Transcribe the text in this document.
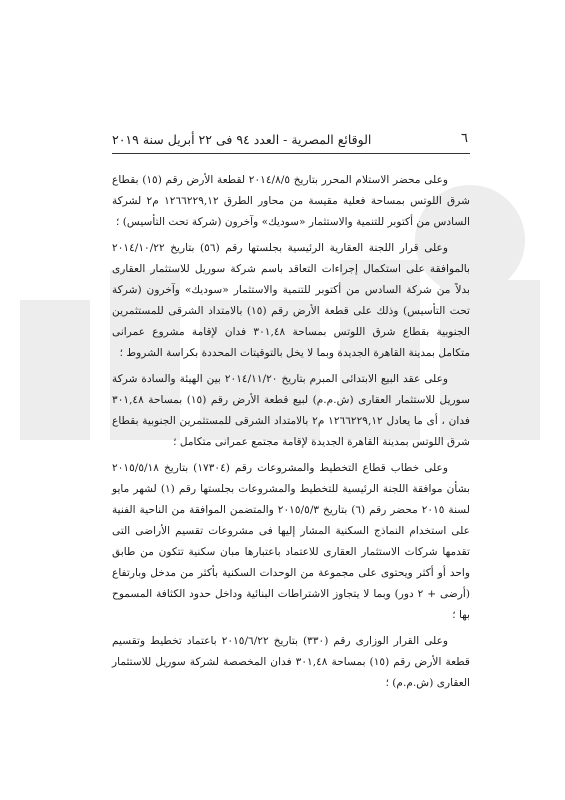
٦
الوقائع المصرية - العدد ٩٤ فى ٢٢ أبريل سنة ٢٠١٩

وعلى محضر الاستلام المحرر بتاريخ ٢٠١٤/٨/٥ لقطعة الأرض رقم (١٥) بقطاع شرق اللوتس بمساحة فعلية مقيسة من محاور الطرق ١٢٦٦٢٢٩,١٢ م٢ لشركة السادس من أكتوبر للتنمية والاستثمار «سوديك» وآخرون (شركة تحت التأسيس) ؛

وعلى قرار اللجنة العقارية الرئيسية بجلستها رقم (٥٦) بتاريخ ٢٠١٤/١٠/٢٢ بالموافقة على استكمال إجراءات التعاقد باسم شركة سوريل للاستثمار العقارى بدلاً من شركة السادس من أكتوبر للتنمية والاستثمار «سوديك» وآخرون (شركة تحت التأسيس) وذلك على قطعة الأرض رقم (١٥) بالامتداد الشرقى للمستثمرين الجنوبية بقطاع شرق اللوتس بمساحة ٣٠١,٤٨ فدان لإقامة مشروع عمرانى متكامل بمدينة القاهرة الجديدة وبما لا يخل بالتوقيتات المحددة بكراسة الشروط ؛

وعلى عقد البيع الابتدائى المبرم بتاريخ ٢٠١٤/١١/٢٠ بين الهيئة والسادة شركة سوريل للاستثمار العقارى (ش.م.م) لبيع قطعة الأرض رقم (١٥) بمساحة ٣٠١,٤٨ فدان ، أى ما يعادل ١٢٦٦٢٢٩,١٢ م٢ بالامتداد الشرقى للمستثمرين الجنوبية بقطاع شرق اللوتس بمدينة القاهرة الجديدة لإقامة مجتمع عمرانى متكامل ؛

وعلى خطاب قطاع التخطيط والمشروعات رقم (١٧٣٠٤) بتاريخ ٢٠١٥/٥/١٨ بشأن موافقة اللجنة الرئيسية للتخطيط والمشروعات بجلستها رقم (١) لشهر مايو لسنة ٢٠١٥ محضر رقم (٦) بتاريخ ٢٠١٥/٥/٣ والمتضمن الموافقة من الناحية الفنية على استخدام النماذج السكنية المشار إليها فى مشروعات تقسيم الأراضى التى تقدمها شركات الاستثمار العقارى للاعتماد باعتبارها مبان سكنية تتكون من طابق واحد أو أكثر ويحتوى على مجموعة من الوحدات السكنية بأكثر من مدخل وبارتفاع (أرضى + ٢ دور) وبما لا يتجاوز الاشتراطات البنائية وداخل حدود الكثافة المسموح بها ؛

وعلى القرار الوزارى رقم (٣٣٠) بتاريخ ٢٠١٥/٦/٢٢ باعتماد تخطيط وتقسيم قطعة الأرض رقم (١٥) بمساحة ٣٠١,٤٨ فدان المخصصة لشركة سوريل للاستثمار العقارى (ش.م.م) ؛
